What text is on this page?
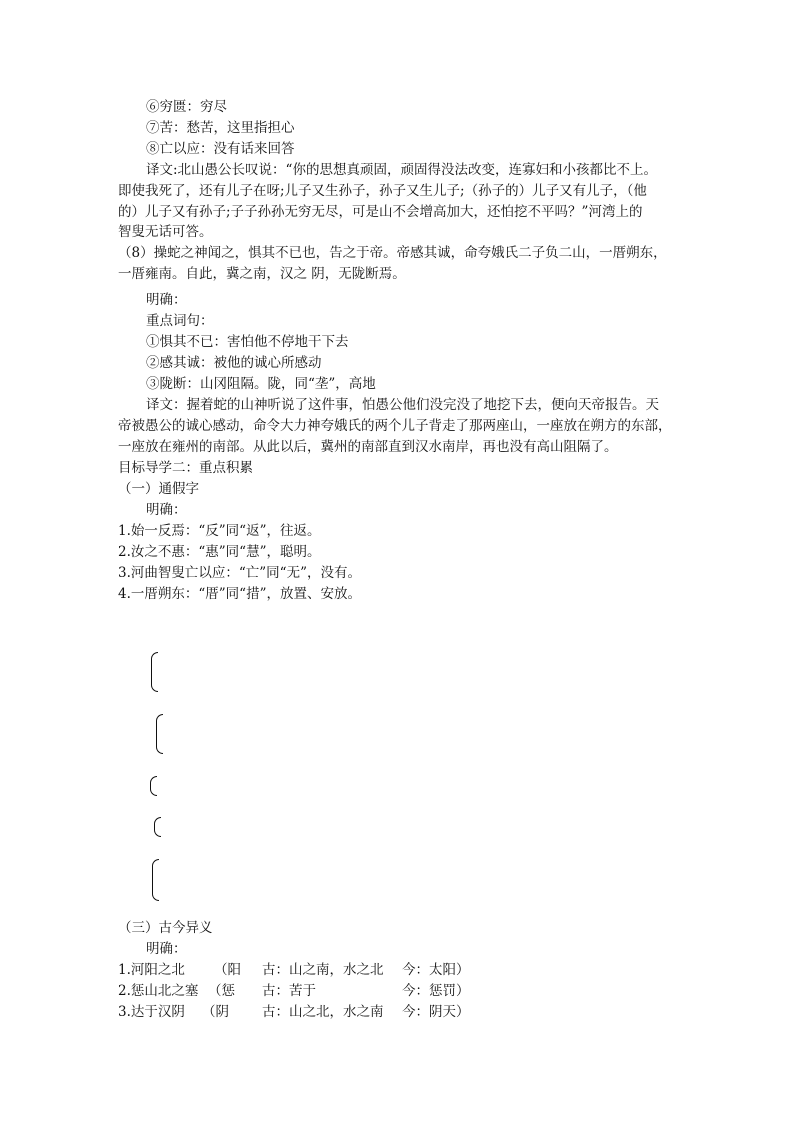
⑥穷匮：穷尽
⑦苦：愁苦，这里指担心
⑧亡以应：没有话来回答
译文:北山愚公长叹说：“你的思想真顽固，顽固得没法改变，连寡妇和小孩都比不上。
即使我死了，还有儿子在呀;儿子又生孙子，孙子又生儿子;（孙子的）儿子又有儿子，（他
的）儿子又有孙子;子子孙孙无穷无尽，可是山不会增高加大，还怕挖不平吗？”河湾上的
智叟无话可答。
（8）操蛇之神闻之，惧其不已也，告之于帝。帝感其诚，命夸娥氏二子负二山，一厝朔东，
一厝雍南。自此，冀之南，汉之 阴，无陇断焉。
明确：
重点词句：
①惧其不已：害怕他不停地干下去
②感其诚：被他的诚心所感动
③陇断：山冈阻隔。陇，同“垄”，高地
译文：握着蛇的山神听说了这件事，怕愚公他们没完没了地挖下去，便向天帝报告。天
帝被愚公的诚心感动，命令大力神夸娥氏的两个儿子背走了那两座山，一座放在朔方的东部，
一座放在雍州的南部。从此以后，冀州的南部直到汉水南岸，再也没有高山阻隔了。
目标导学二：重点积累
（一）通假字
明确：
1.始一反焉：“反”同“返”，往返。
2.汝之不惠：“惠”同“慧”，聪明。
3.河曲智叟亡以应：“亡”同“无”，没有。
4.一厝朔东：“厝”同“措”，放置、安放。
（三）古今异义
明确：
1.河阳之北 （阳 古：山之南，水之北 今：太阳）
2.惩山北之塞 （惩 古：苦于	今：惩罚）
3.达于汉阴 （阴 古：山之北，水之南 今：阴天）
